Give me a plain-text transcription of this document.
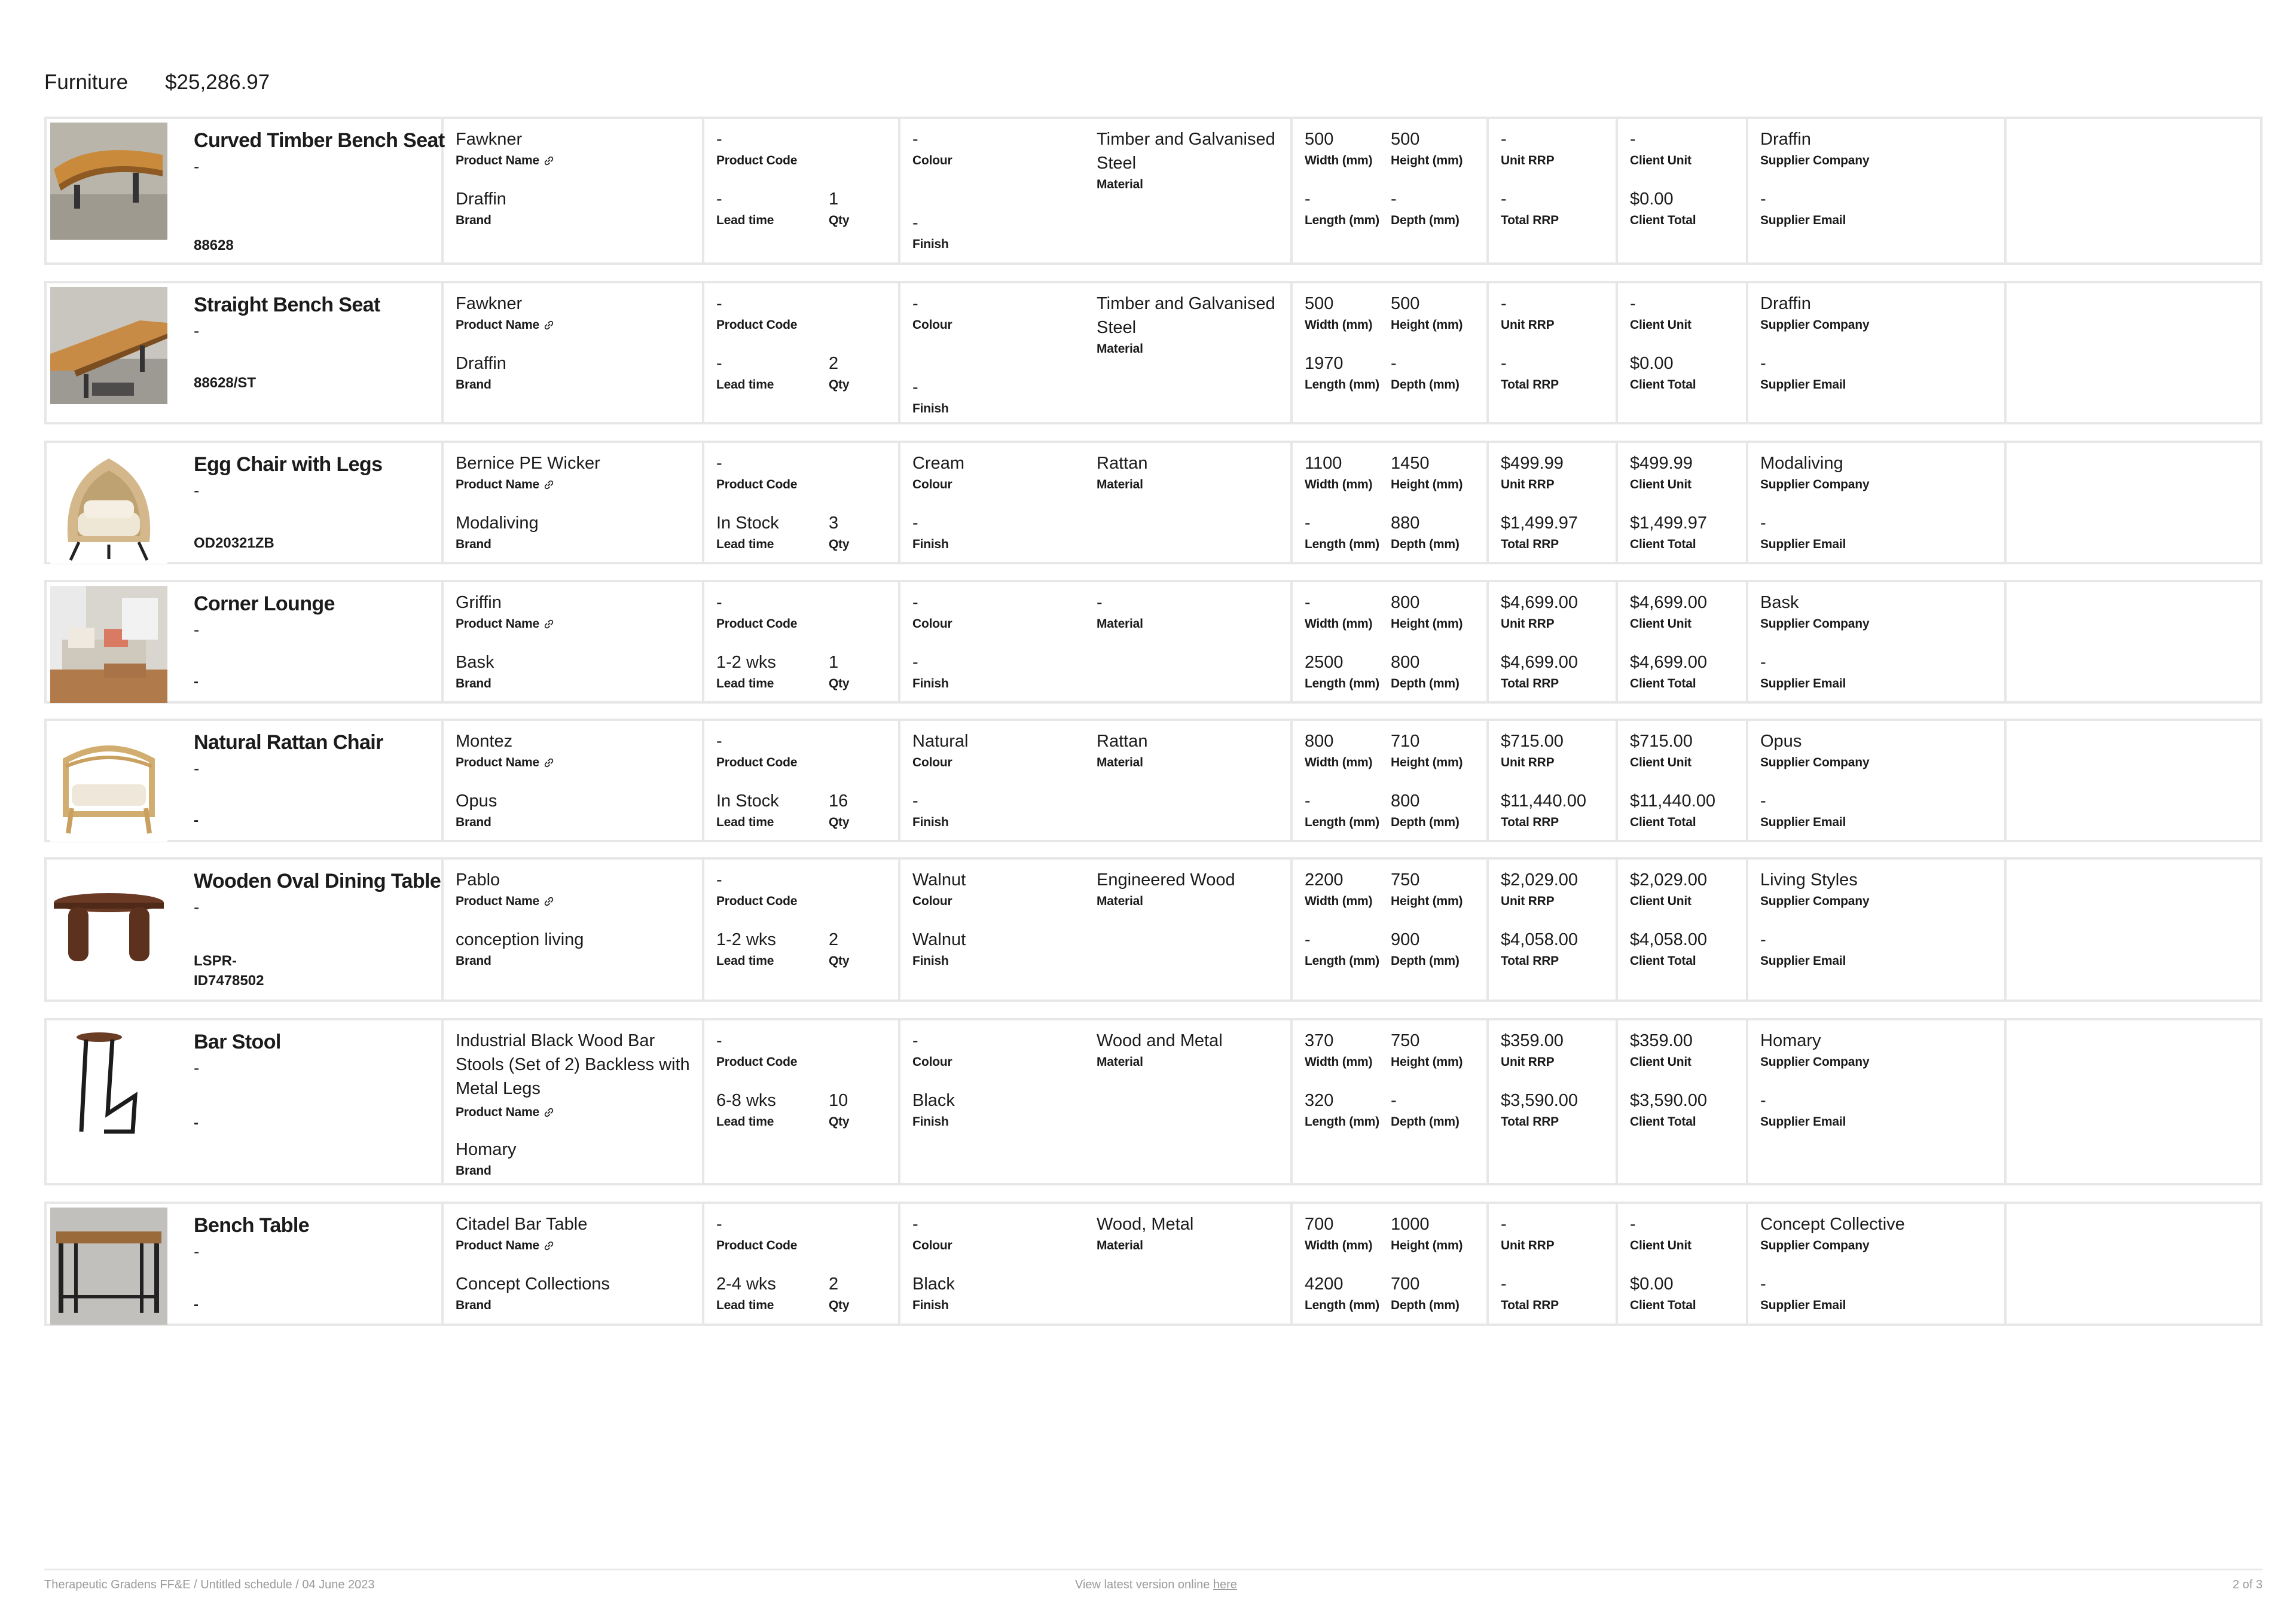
Furniture $25,286.97
Curved Timber Bench Seat
-
88628
Fawkner
Product Name
Draffin
Brand
-
Product Code
-
Lead time
1
Qty
-
Colour
-
Finish
Timber and Galvanised Steel
Material
500
Width (mm)
500
Height (mm)
-
Length (mm)
-
Depth (mm)
-
Unit RRP
-
Total RRP
-
Client Unit
$0.00
Client Total
Draffin
Supplier Company
-
Supplier Email
Straight Bench Seat
-
88628/ST
Fawkner
Product Name
Draffin
Brand
-
Product Code
-
Lead time
2
Qty
-
Colour
-
Finish
Timber and Galvanised Steel
Material
500
Width (mm)
500
Height (mm)
1970
Length (mm)
-
Depth (mm)
-
Unit RRP
-
Total RRP
-
Client Unit
$0.00
Client Total
Draffin
Supplier Company
-
Supplier Email
Egg Chair with Legs
-
OD20321ZB
Bernice PE Wicker
Product Name
Modaliving
Brand
-
Product Code
In Stock
Lead time
3
Qty
Cream
Colour
-
Finish
Rattan
Material
1100
Width (mm)
1450
Height (mm)
-
Length (mm)
880
Depth (mm)
$499.99
Unit RRP
$1,499.97
Total RRP
$499.99
Client Unit
$1,499.97
Client Total
Modaliving
Supplier Company
-
Supplier Email
Corner Lounge
-
-
Griffin
Product Name
Bask
Brand
-
Product Code
1-2 wks
Lead time
1
Qty
-
Colour
-
Finish
-
Material
-
Width (mm)
800
Height (mm)
2500
Length (mm)
800
Depth (mm)
$4,699.00
Unit RRP
$4,699.00
Total RRP
$4,699.00
Client Unit
$4,699.00
Client Total
Bask
Supplier Company
-
Supplier Email
Natural Rattan Chair
-
-
Montez
Product Name
Opus
Brand
-
Product Code
In Stock
Lead time
16
Qty
Natural
Colour
-
Finish
Rattan
Material
800
Width (mm)
710
Height (mm)
-
Length (mm)
800
Depth (mm)
$715.00
Unit RRP
$11,440.00
Total RRP
$715.00
Client Unit
$11,440.00
Client Total
Opus
Supplier Company
-
Supplier Email
Wooden Oval Dining Table
-
LSPR-ID7478502
Pablo
Product Name
conception living
Brand
-
Product Code
1-2 wks
Lead time
2
Qty
Walnut
Colour
Walnut
Finish
Engineered Wood
Material
2200
Width (mm)
750
Height (mm)
-
Length (mm)
900
Depth (mm)
$2,029.00
Unit RRP
$4,058.00
Total RRP
$2,029.00
Client Unit
$4,058.00
Client Total
Living Styles
Supplier Company
-
Supplier Email
Bar Stool
-
-
Industrial Black Wood Bar Stools (Set of 2) Backless with Metal Legs
Product Name
Homary
Brand
-
Product Code
6-8 wks
Lead time
10
Qty
-
Colour
Black
Finish
Wood and Metal
Material
370
Width (mm)
750
Height (mm)
320
Length (mm)
-
Depth (mm)
$359.00
Unit RRP
$3,590.00
Total RRP
$359.00
Client Unit
$3,590.00
Client Total
Homary
Supplier Company
-
Supplier Email
Bench Table
-
-
Citadel Bar Table
Product Name
Concept Collections
Brand
-
Product Code
2-4 wks
Lead time
2
Qty
-
Colour
Black
Finish
Wood, Metal
Material
700
Width (mm)
1000
Height (mm)
4200
Length (mm)
700
Depth (mm)
-
Unit RRP
-
Total RRP
-
Client Unit
$0.00
Client Total
Concept Collective
Supplier Company
-
Supplier Email
Therapeutic Gradens FF&E / Untitled schedule / 04 June 2023	View latest version online here	2 of 3
